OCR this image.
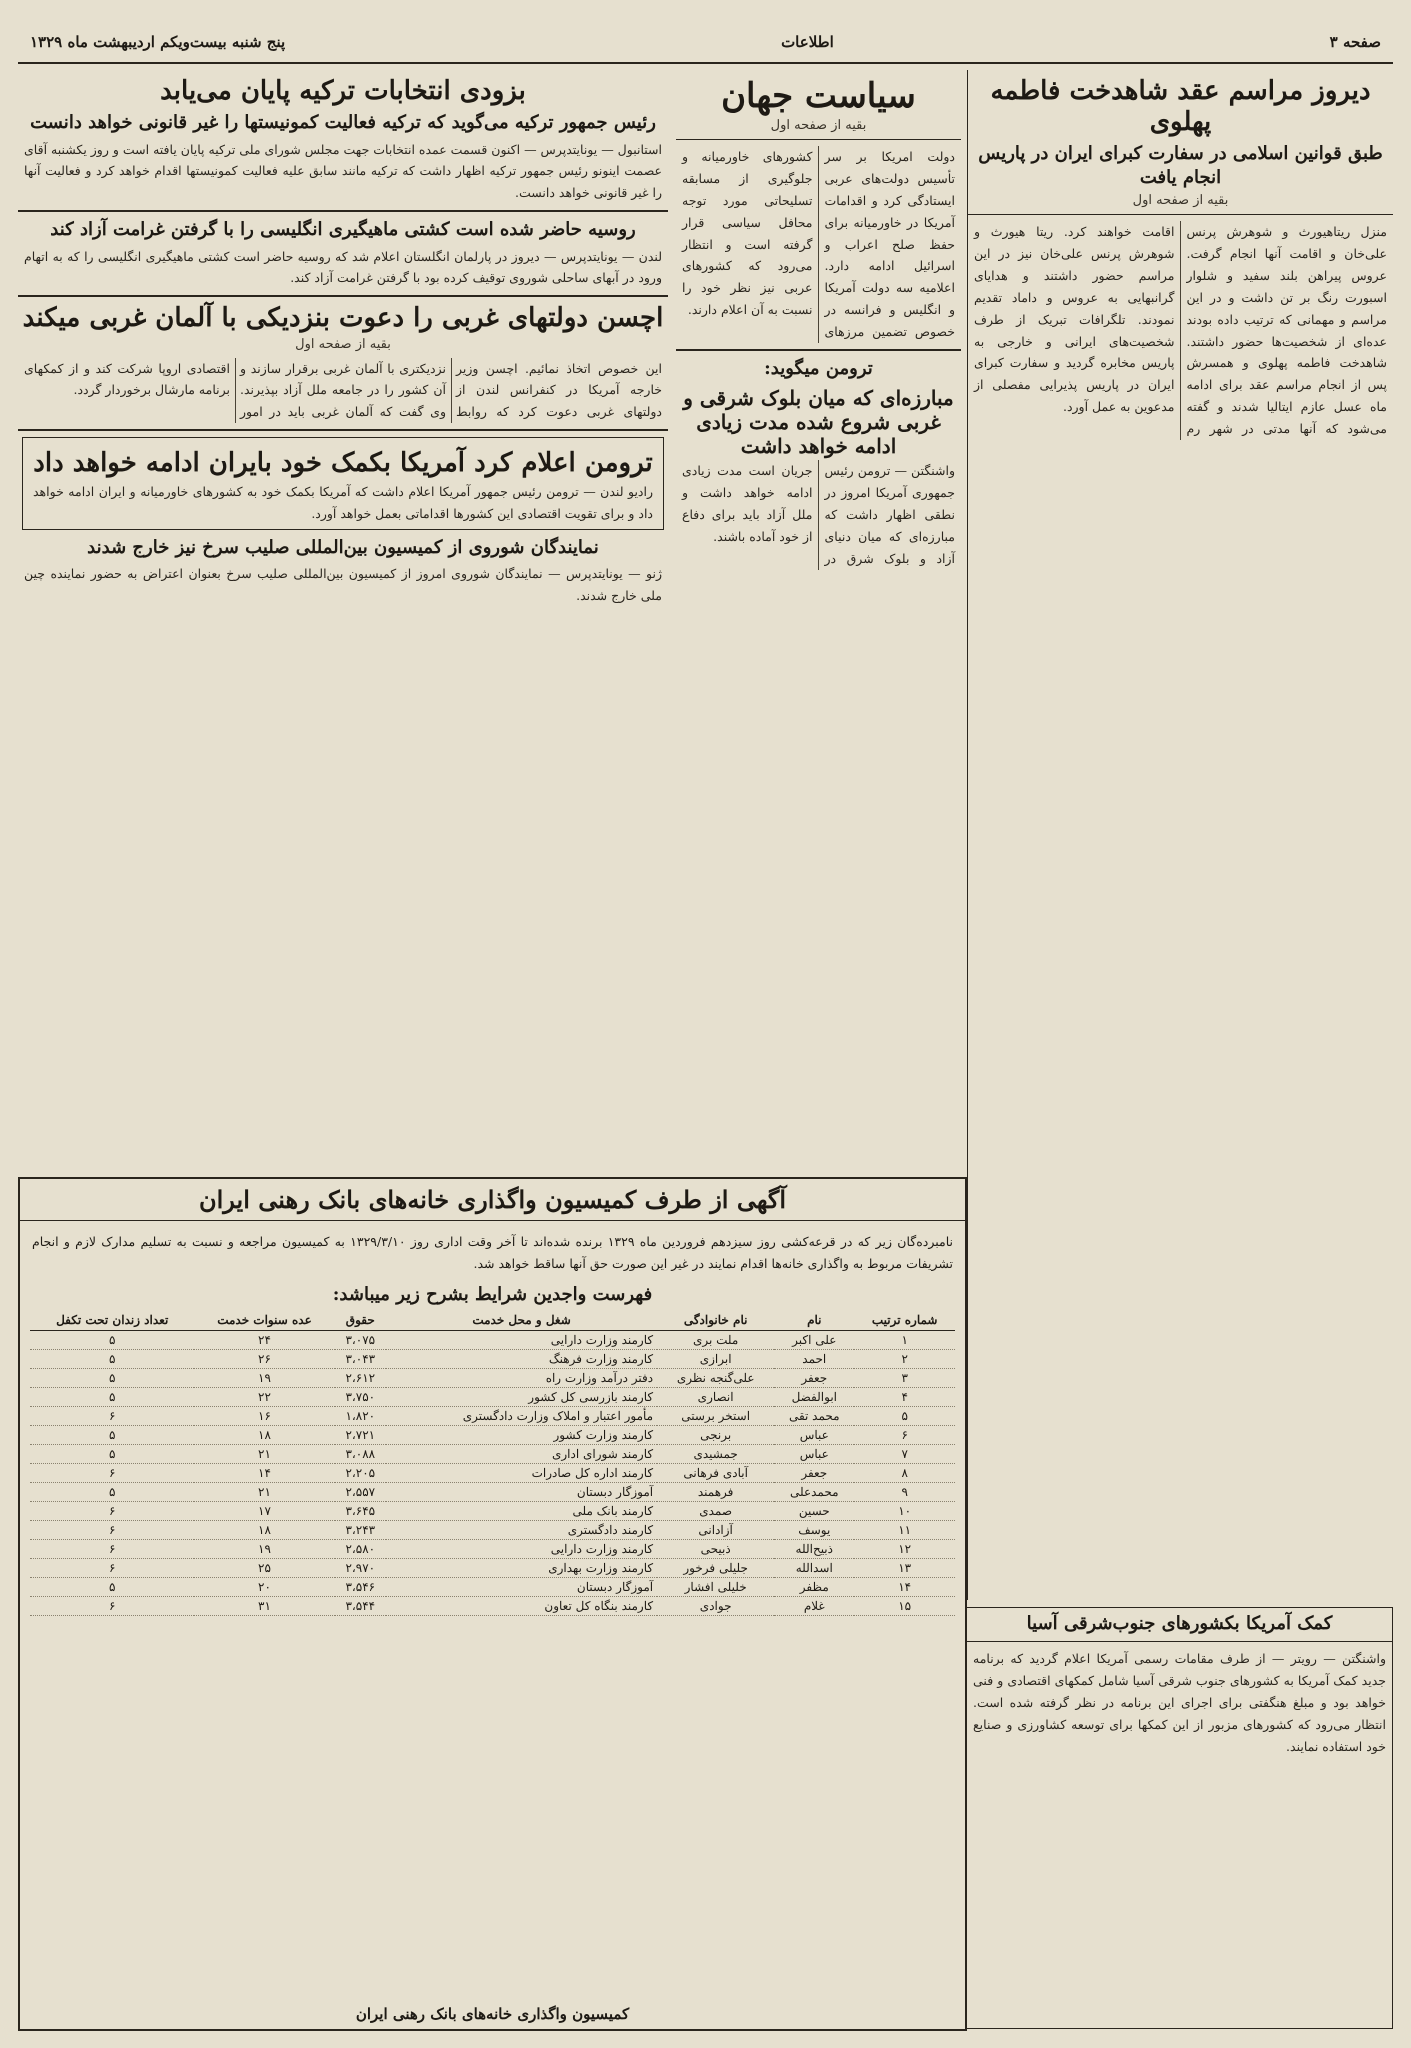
صفحه ۳
اطلاعات
پنج شنبه بیست‌ویکم اردیبهشت ماه ۱۳۲۹
دیروز مراسم عقد شاهدخت فاطمه پهلوی
طبق قوانین اسلامی در سفارت کبرای ایران در پاریس انجام یافت
بقیه از صفحه اول
منزل ریتاهیورث و شوهرش پرنس علی‌خان و اقامت آنها انجام گرفت. عروس پیراهن بلند سفید و شلوار اسبورت رنگ بر تن داشت و در این مراسم و مهمانی که ترتیب داده بودند عده‌ای از شخصیت‌ها حضور داشتند. شاهدخت فاطمه پهلوی و همسرش پس از انجام مراسم عقد برای ادامه ماه عسل عازم ایتالیا شدند و گفته می‌شود که آنها مدتی در شهر رم اقامت خواهند کرد. ریتا هیورث و شوهرش پرنس علی‌خان نیز در این مراسم حضور داشتند و هدایای گرانبهایی به عروس و داماد تقدیم نمودند. تلگرافات تبریک از طرف شخصیت‌های ایرانی و خارجی به پاریس مخابره گردید و سفارت کبرای ایران در پاریس پذیرایی مفصلی از مدعوین به عمل آورد.
سیاست جهان
بقیه از صفحه اول
دولت امریکا بر سر تأسیس دولت‌های عربی ایستادگی کرد و اقدامات آمریکا در خاورمیانه برای حفظ صلح اعراب و اسرائیل ادامه دارد. اعلامیه سه دولت آمریکا و انگلیس و فرانسه در خصوص تضمین مرزهای کشورهای خاورمیانه و جلوگیری از مسابقه تسلیحاتی مورد توجه محافل سیاسی قرار گرفته است و انتظار می‌رود که کشورهای عربی نیز نظر خود را نسبت به آن اعلام دارند.
ترومن میگوید:
مبارزه‌ای که میان بلوک شرقی و غربی شروع شده مدت زیادی ادامه خواهد داشت
واشنگتن — ترومن رئیس جمهوری آمریکا امروز در نطقی اظهار داشت که مبارزه‌ای که میان دنیای آزاد و بلوک شرق در جریان است مدت زیادی ادامه خواهد داشت و ملل آزاد باید برای دفاع از خود آماده باشند.
بزودی انتخابات ترکیه پایان می‌یابد
رئیس جمهور ترکیه می‌گوید که ترکیه فعالیت کمونیستها را غیر قانونی خواهد دانست
استانبول — یونایتدپرس — اکنون قسمت عمده انتخابات جهت مجلس شورای ملی ترکیه پایان یافته است و روز یکشنبه آقای عصمت اینونو رئیس جمهور ترکیه اظهار داشت که ترکیه مانند سابق علیه فعالیت کمونیستها اقدام خواهد کرد و فعالیت آنها را غیر قانونی خواهد دانست.
روسیه حاضر شده است کشتی ماهیگیری انگلیسی را با گرفتن غرامت آزاد کند
لندن — یونایتدپرس — دیروز در پارلمان انگلستان اعلام شد که روسیه حاضر است کشتی ماهیگیری انگلیسی را که به اتهام ورود در آبهای ساحلی شوروی توقیف کرده بود با گرفتن غرامت آزاد کند.
اچسن دولتهای غربی را دعوت بنزدیکی با آلمان غربی میکند
بقیه از صفحه اول
این خصوص اتخاذ نمائیم. اچسن وزیر خارجه آمریکا در کنفرانس لندن از دولتهای غربی دعوت کرد که روابط نزدیکتری با آلمان غربی برقرار سازند و آن کشور را در جامعه ملل آزاد بپذیرند. وی گفت که آلمان غربی باید در امور اقتصادی اروپا شرکت کند و از کمکهای برنامه مارشال برخوردار گردد.
ترومن اعلام کرد آمریکا بکمک خود بایران ادامه خواهد داد
رادیو لندن — ترومن رئیس جمهور آمریکا اعلام داشت که آمریکا بکمک خود به کشورهای خاورمیانه و ایران ادامه خواهد داد و برای تقویت اقتصادی این کشورها اقداماتی بعمل خواهد آورد.
نمایندگان شوروی از کمیسیون بین‌المللی صلیب سرخ نیز خارج شدند
ژنو — یونایتدپرس — نمایندگان شوروی امروز از کمیسیون بین‌المللی صلیب سرخ بعنوان اعتراض به حضور نماینده چین ملی خارج شدند.
آگهی از طرف کمیسیون واگذاری خانه‌های بانک رهنی ایران
نامبرده‌گان زیر که در قرعه‌کشی روز سیزدهم فروردین ماه ۱۳۲۹ برنده شده‌اند تا آخر وقت اداری روز ۱۳۲۹/۳/۱۰ به کمیسیون مراجعه و نسبت به تسلیم مدارک لازم و انجام تشریفات مربوط به واگذاری خانه‌ها اقدام نمایند در غیر این صورت حق آنها ساقط خواهد شد.
فهرست واجدین شرایط بشرح زیر میباشد:
شماره ترتیب	نام	نام خانوادگی	شغل و محل خدمت	حقوق	عده‌ سنوات خدمت	تعداد زندان تحت تکفل
۱	علی اکبر	ملت بری	کارمند وزارت دارایی	۳،۰۷۵	۲۴	۵
۲	احمد	ابرازی	کارمند وزارت فرهنگ	۳،۰۴۳	۲۶	۵
۳	جعفر	علی‌گنجه نظری	دفتر درآمد وزارت راه	۲،۶۱۲	۱۹	۵
۴	ابوالفضل	انصاری	کارمند بازرسی کل کشور	۳،۷۵۰	۲۲	۵
۵	محمد تقی	استخر برستی	مأمور اعتبار و املاک وزارت دادگستری	۱،۸۲۰	۱۶	۶
۶	عباس	برنجی	کارمند وزارت کشور	۲،۷۲۱	۱۸	۵
۷	عباس	جمشیدی	کارمند شورای اداری	۳،۰۸۸	۲۱	۵
۸	جعفر	آبادی فرهانی	کارمند اداره کل صادرات	۲،۲۰۵	۱۴	۶
۹	محمدعلی	فرهمند	آموزگار دبستان	۲،۵۵۷	۲۱	۵
۱۰	حسین	صمدی	کارمند بانک ملی	۳،۶۴۵	۱۷	۶
۱۱	یوسف	آزادانی	کارمند دادگستری	۳،۲۴۳	۱۸	۶
۱۲	ذبیح‌الله	ذبیحی	کارمند وزارت دارایی	۲،۵۸۰	۱۹	۶
۱۳	اسدالله	جلیلی فرخور	کارمند وزارت بهداری	۲،۹۷۰	۲۵	۶
۱۴	مظفر	خلیلی افشار	آموزگار دبستان	۳،۵۴۶	۲۰	۵
۱۵	غلام	جوادی	کارمند بنگاه کل تعاون	۳،۵۴۴	۳۱	۶
کمیسیون واگذاری خانه‌های بانک رهنی ایران
کمک آمریکا بکشورهای جنوب‌شرقی آسیا
واشنگتن — رویتر — از طرف مقامات رسمی آمریکا اعلام گردید که برنامه جدید کمک آمریکا به کشورهای جنوب شرقی آسیا شامل کمکهای اقتصادی و فنی خواهد بود و مبلغ هنگفتی برای اجرای این برنامه در نظر گرفته شده است. انتظار می‌رود که کشورهای مزبور از این کمکها برای توسعه کشاورزی و صنایع خود استفاده نمایند.
